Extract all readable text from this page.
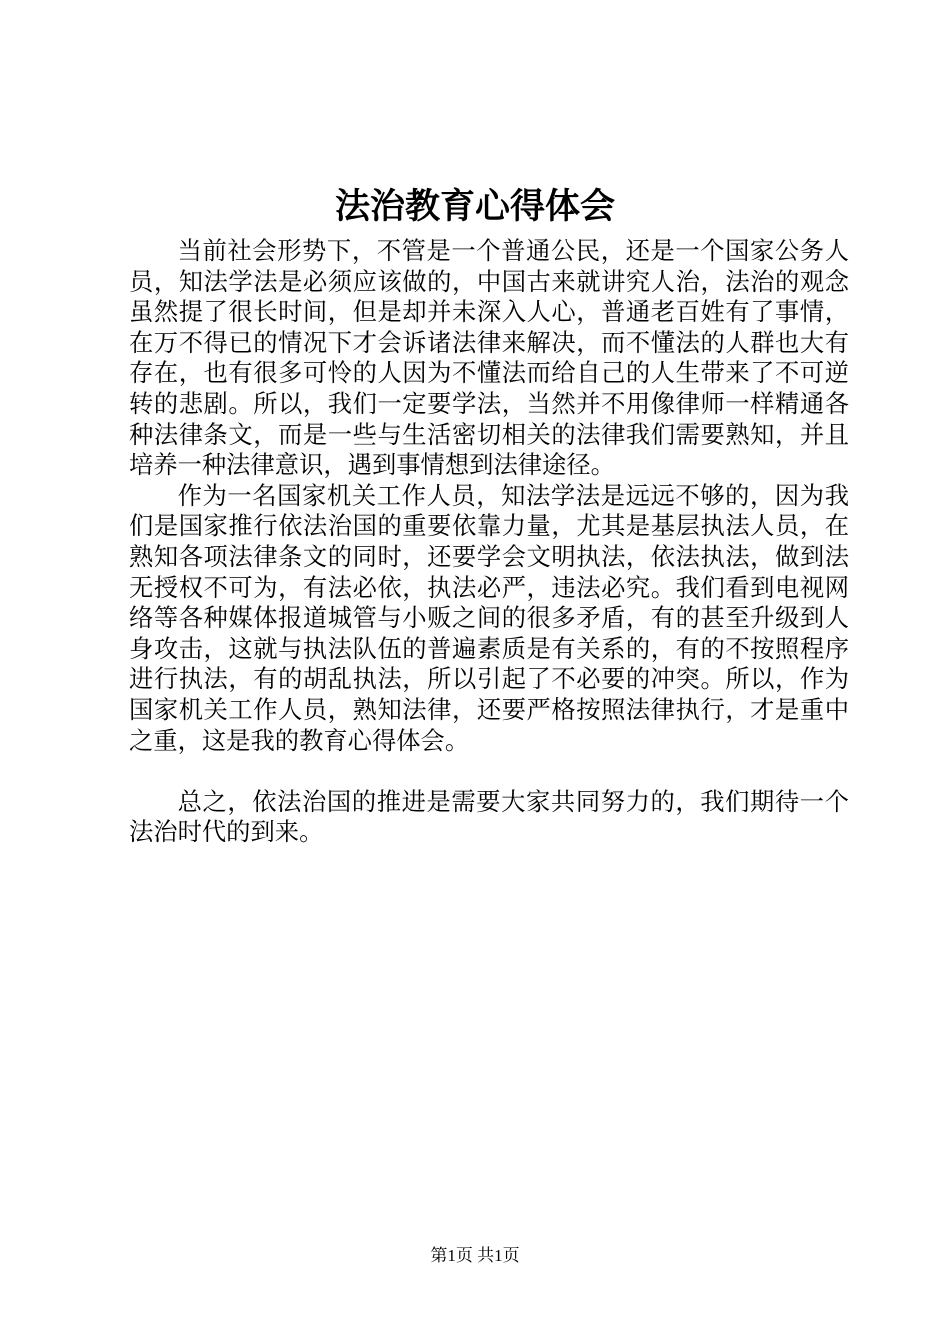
法治教育心得体会

当前社会形势下，不管是一个普通公民，还是一个国家公务人员，知法学法是必须应该做的，中国古来就讲究人治，法治的观念虽然提了很长时间，但是却并未深入人心，普通老百姓有了事情，在万不得已的情况下才会诉诸法律来解决，而不懂法的人群也大有存在，也有很多可怜的人因为不懂法而给自己的人生带来了不可逆转的悲剧。所以，我们一定要学法，当然并不用像律师一样精通各种法律条文，而是一些与生活密切相关的法律我们需要熟知，并且培养一种法律意识，遇到事情想到法律途径。

作为一名国家机关工作人员，知法学法是远远不够的，因为我们是国家推行依法治国的重要依靠力量，尤其是基层执法人员，在熟知各项法律条文的同时，还要学会文明执法，依法执法，做到法无授权不可为，有法必依，执法必严，违法必究。我们看到电视网络等各种媒体报道城管与小贩之间的很多矛盾，有的甚至升级到人身攻击，这就与执法队伍的普遍素质是有关系的，有的不按照程序进行执法，有的胡乱执法，所以引起了不必要的冲突。所以，作为国家机关工作人员，熟知法律，还要严格按照法律执行，才是重中之重，这是我的教育心得体会。

总之，依法治国的推进是需要大家共同努力的，我们期待一个法治时代的到来。

第1页 共1页
